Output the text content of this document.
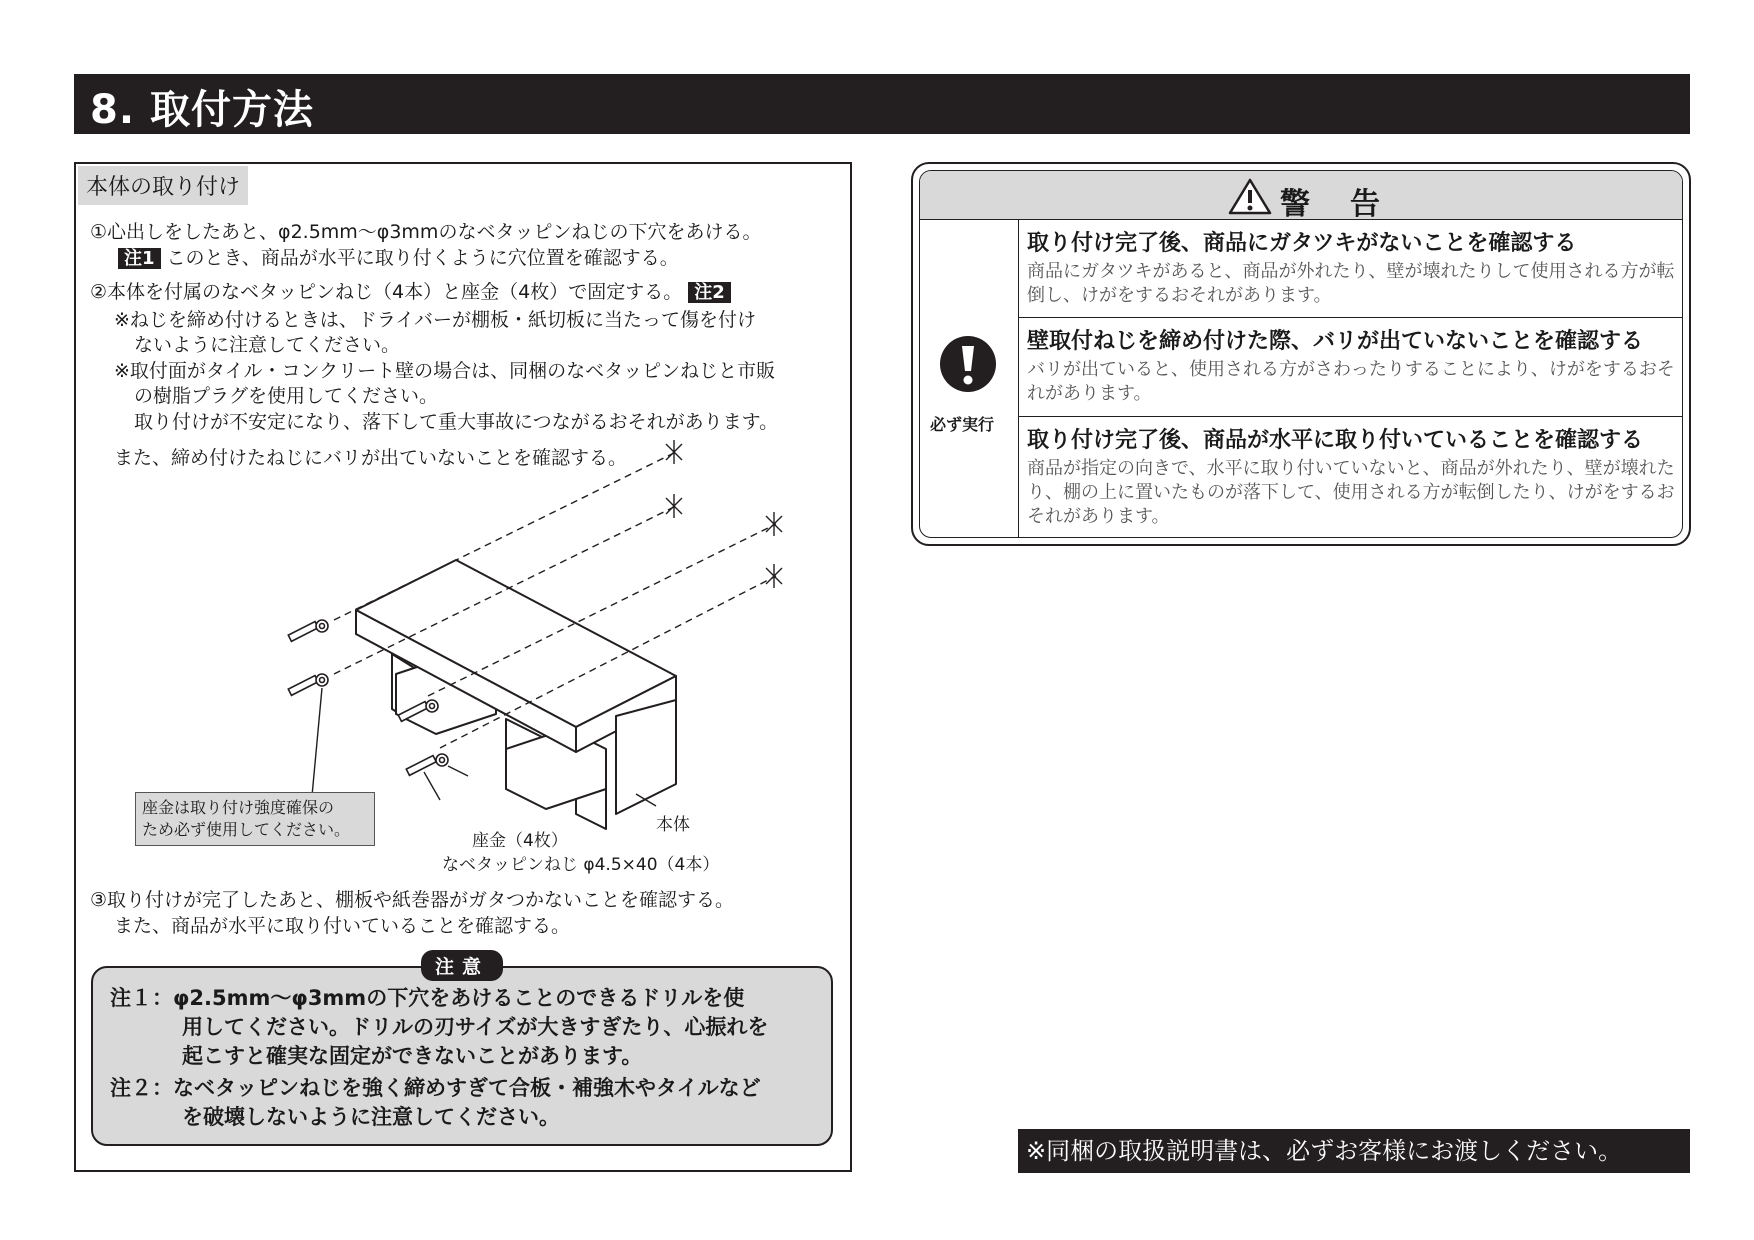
8. 取付方法
本体の取り付け
①心出しをしたあと、φ2.5mm～φ3mmのなベタッピンねじの下穴をあける。
注1 このとき、商品が水平に取り付くように穴位置を確認する。
②本体を付属のなベタッピンねじ（4本）と座金（4枚）で固定する。 注2
※ねじを締め付けるときは、ドライバーが棚板・紙切板に当たって傷を付け
ないように注意してください。
※取付面がタイル・コンクリート壁の場合は、同梱のなベタッピンねじと市販
の樹脂プラグを使用してください。
取り付けが不安定になり、落下して重大事故につながるおそれがあります。
また、締め付けたねじにバリが出ていないことを確認する。
座金は取り付け強度確保の
ため必ず使用してください。	本体
座金（4枚）
なベタッピンねじ φ4.5×40（4本）
③取り付けが完了したあと、棚板や紙巻器がガタつかないことを確認する。
また、商品が水平に取り付いていることを確認する。
注意
注１：φ2.5mm～φ3mmの下穴をあけることのできるドリルを使
用してください。ドリルの刃サイズが大きすぎたり、心振れを
起こすと確実な固定ができないことがあります。
注２：なベタッピンねじを強く締めすぎて合板・補強木やタイルなど
を破壊しないように注意してください。
警告
必ず実行
取り付け完了後、商品にガタツキがないことを確認する
商品にガタツキがあると、商品が外れたり、壁が壊れたりして使用される方が転倒し、けがをするおそれがあります。
壁取付ねじを締め付けた際、バリが出ていないことを確認する
バリが出ていると、使用される方がさわったりすることにより、けがをするおそれがあります。
取り付け完了後、商品が水平に取り付いていることを確認する
商品が指定の向きで、水平に取り付いていないと、商品が外れたり、壁が壊れたり、棚の上に置いたものが落下して、使用される方が転倒したり、けがをするおそれがあります。
※同梱の取扱説明書は、必ずお客様にお渡しください。
